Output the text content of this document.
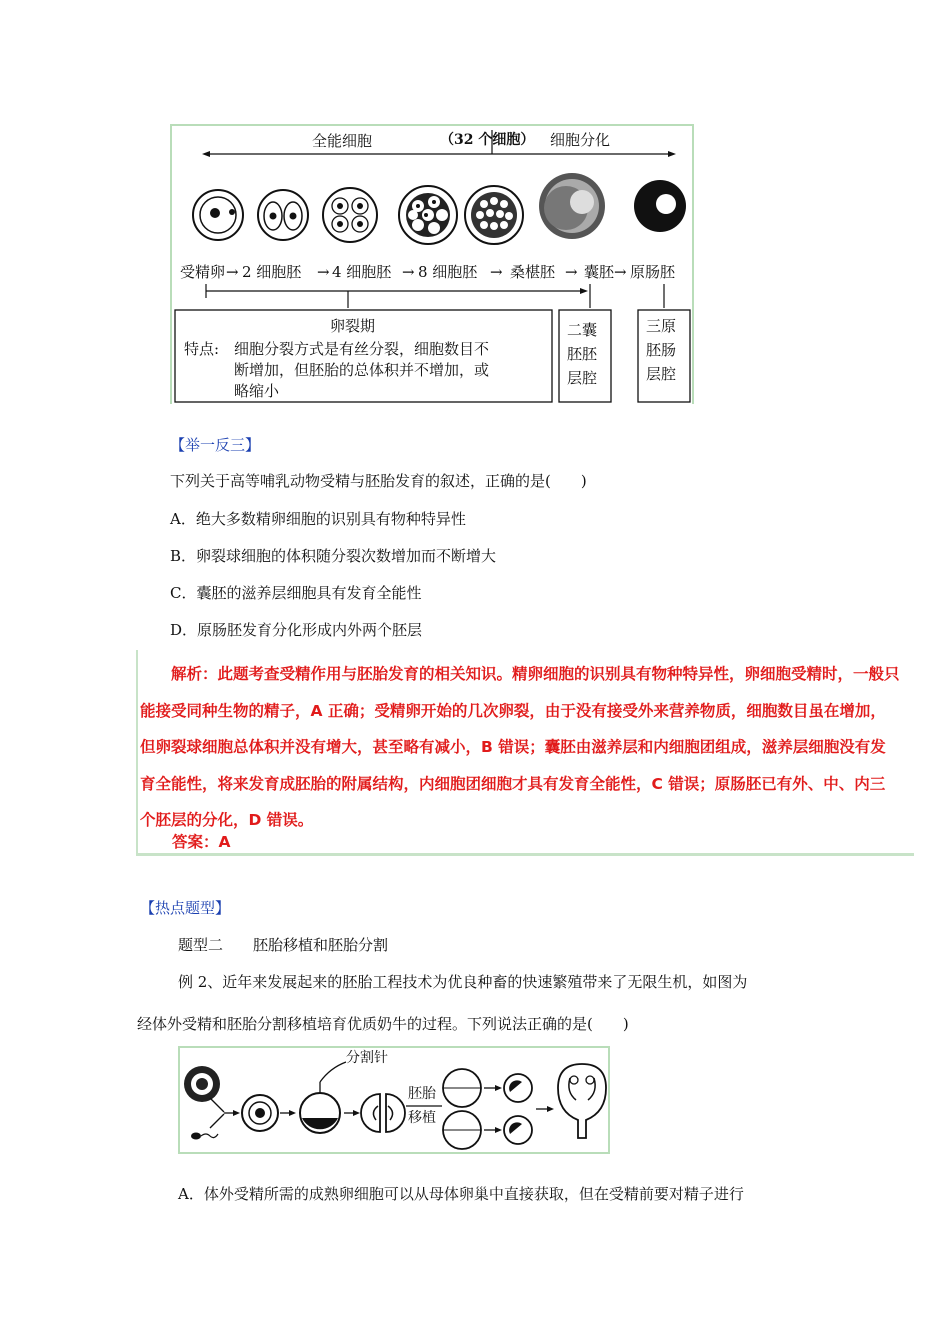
全能细胞	（32 个细胞） 细胞分化
受精卵 → 2 细胞胚 → 4 细胞胚 → 8 细胞胚 → 桑椹胚 → 囊胚 → 原肠胚
卵裂期
特点: 细胞分裂方式是有丝分裂，细胞数目不
断增加，但胚胎的总体积并不增加，或
略缩小
二囊
胚胚
层腔
三原
胚肠
层腔
【举一反三】
下列关于高等哺乳动物受精与胚胎发育的叙述，正确的是(　　)
A．绝大多数精卵细胞的识别具有物种特异性
B．卵裂球细胞的体积随分裂次数增加而不断增大
C．囊胚的滋养层细胞具有发育全能性
D．原肠胚发育分化形成内外两个胚层
解析：此题考查受精作用与胚胎发育的相关知识。精卵细胞的识别具有物种特异性，卵细胞受精时，一般只能接受同种生物的精子，A 正确；受精卵开始的几次卵裂，由于没有接受外来营养物质，细胞数目虽在增加，但卵裂球细胞总体积并没有增大，甚至略有减小，B 错误；囊胚由滋养层和内细胞团组成，滋养层细胞没有发育全能性，将来发育成胚胎的附属结构，内细胞团细胞才具有发育全能性，C 错误；原肠胚已有外、中、内三个胚层的分化，D 错误。
答案：A
【热点题型】
题型二　　胚胎移植和胚胎分割
例 2、近年来发展起来的胚胎工程技术为优良种畜的快速繁殖带来了无限生机，如图为
经体外受精和胚胎分割移植培育优质奶牛的过程。下列说法正确的是(　　)
分割针
胚胎
移植
A．体外受精所需的成熟卵细胞可以从母体卵巢中直接获取，但在受精前要对精子进行
